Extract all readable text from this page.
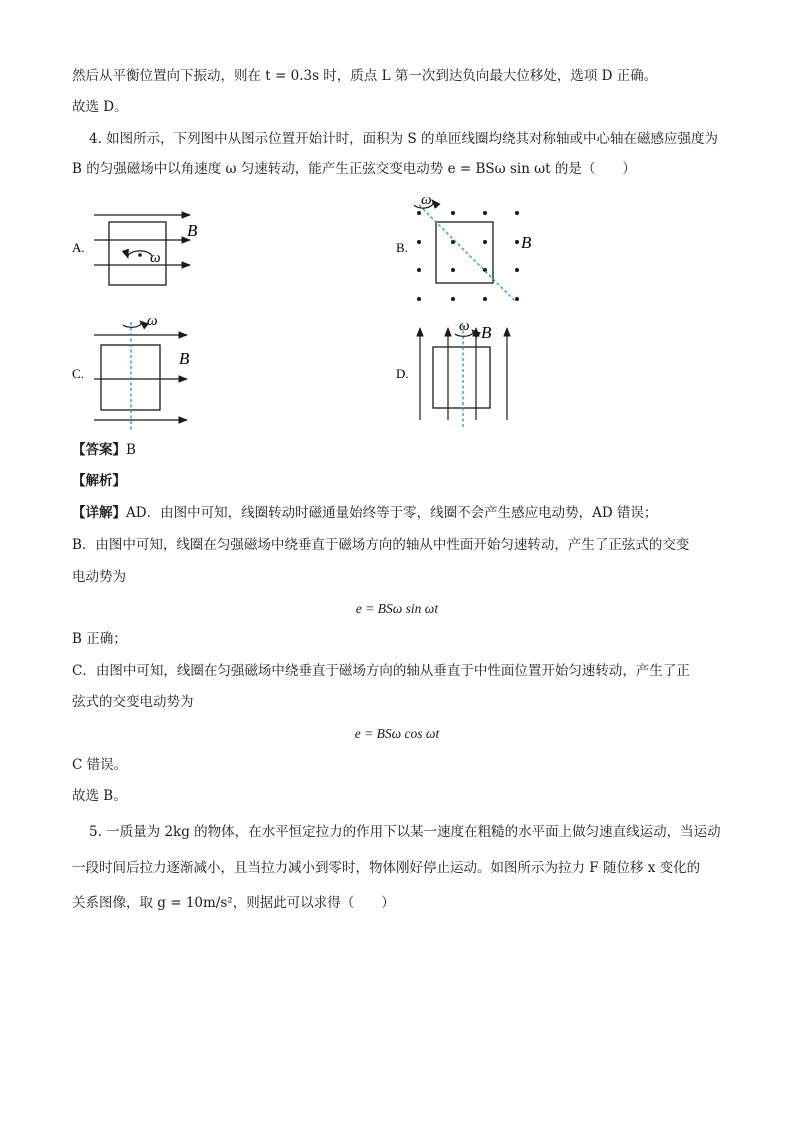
然后从平衡位置向下振动，则在 t = 0.3s 时，质点 L 第一次到达负向最大位移处，选项 D 正确。
故选 D。
4. 如图所示，下列图中从图示位置开始计时，面积为 S 的单匝线圈均绕其对称轴或中心轴在磁感应强度为
B 的匀强磁场中以角速度 ω 匀速转动，能产生正弦交变电动势 e = BSω sin ωt 的是（　　）
A.
ω
B
B.
ω
B
C.
ω
B
D.
ω B
【答案】B
【解析】
【详解】AD．由图中可知，线圈转动时磁通量始终等于零，线圈不会产生感应电动势，AD 错误；
B．由图中可知，线圈在匀强磁场中绕垂直于磁场方向的轴从中性面开始匀速转动，产生了正弦式的交变
电动势为
e = BSω sin ωt
B 正确；
C．由图中可知，线圈在匀强磁场中绕垂直于磁场方向的轴从垂直于中性面位置开始匀速转动，产生了正
弦式的交变电动势为
e = BSω cos ωt
C 错误。
故选 B。
5. 一质量为 2kg 的物体，在水平恒定拉力的作用下以某一速度在粗糙的水平面上做匀速直线运动，当运动
一段时间后拉力逐渐减小，且当拉力减小到零时，物体刚好停止运动。如图所示为拉力 F 随位移 x 变化的
关系图像，取 g = 10m/s²，则据此可以求得（　　）
